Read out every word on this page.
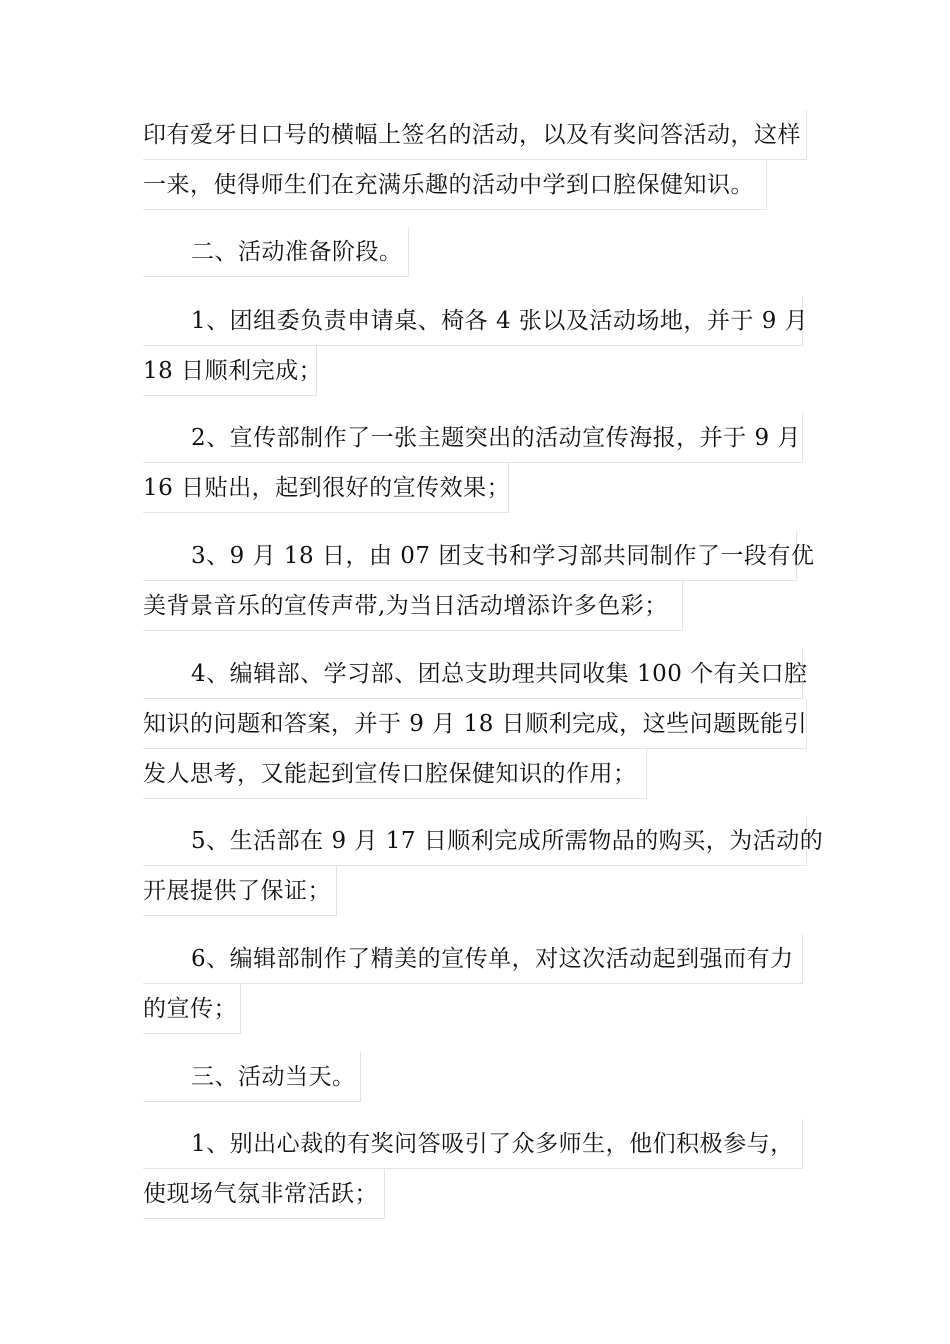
印有爱牙日口号的横幅上签名的活动，以及有奖问答活动，这样
一来，使得师生们在充满乐趣的活动中学到口腔保健知识。
二、活动准备阶段。
1、团组委负责申请桌、椅各 4 张以及活动场地，并于 9 月
18 日顺利完成；
2、宣传部制作了一张主题突出的活动宣传海报，并于 9 月
16 日贴出，起到很好的宣传效果；
3、9 月 18 日，由 07 团支书和学习部共同制作了一段有优
美背景音乐的宣传声带,为当日活动增添许多色彩；
4、编辑部、学习部、团总支助理共同收集 100 个有关口腔
知识的问题和答案，并于 9 月 18 日顺利完成，这些问题既能引
发人思考，又能起到宣传口腔保健知识的作用；
5、生活部在 9 月 17 日顺利完成所需物品的购买，为活动的
开展提供了保证；
6、编辑部制作了精美的宣传单，对这次活动起到强而有力
的宣传；
三、活动当天。
1、别出心裁的有奖问答吸引了众多师生，他们积极参与，
使现场气氛非常活跃；
